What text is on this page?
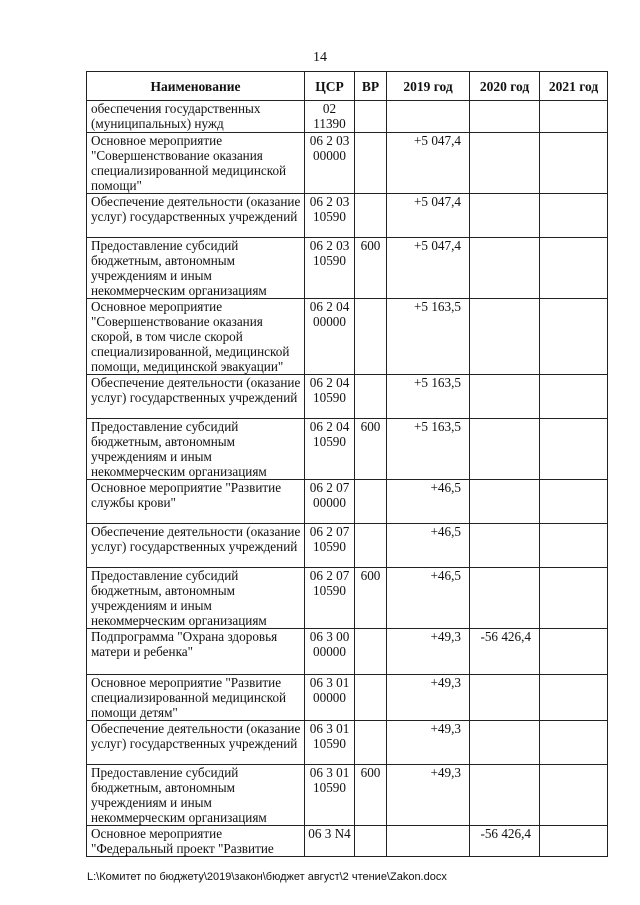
14
Наименование	ЦСР	ВР	2019 год	2020 год	2021 год
обеспечения государственных (муниципальных) нужд	02 11390				
Основное мероприятие "Совершенствование оказания специализированной медицинской помощи"	06 2 03 00000		+5 047,4		
Обеспечение деятельности (оказание услуг) государственных учреждений	06 2 03 10590		+5 047,4		
Предоставление субсидий бюджетным, автономным учреждениям и иным некоммерческим организациям	06 2 03 10590	600	+5 047,4		
Основное мероприятие "Совершенствование оказания скорой, в том числе скорой специализированной, медицинской помощи, медицинской эвакуации"	06 2 04 00000		+5 163,5		
Обеспечение деятельности (оказание услуг) государственных учреждений	06 2 04 10590		+5 163,5		
Предоставление субсидий бюджетным, автономным учреждениям и иным некоммерческим организациям	06 2 04 10590	600	+5 163,5		
Основное мероприятие "Развитие службы крови"	06 2 07 00000		+46,5		
Обеспечение деятельности (оказание услуг) государственных учреждений	06 2 07 10590		+46,5		
Предоставление субсидий бюджетным, автономным учреждениям и иным некоммерческим организациям	06 2 07 10590	600	+46,5		
Подпрограмма "Охрана здоровья матери и ребенка"	06 3 00 00000		+49,3	-56 426,4	
Основное мероприятие "Развитие специализированной медицинской помощи детям"	06 3 01 00000		+49,3		
Обеспечение деятельности (оказание услуг) государственных учреждений	06 3 01 10590		+49,3		
Предоставление субсидий бюджетным, автономным учреждениям и иным некоммерческим организациям	06 3 01 10590	600	+49,3		
Основное мероприятие "Федеральный проект "Развитие	06 3 N4			-56 426,4	
L:\Комитет по бюджету\2019\закон\бюджет август\2 чтение\Zakon.docx
